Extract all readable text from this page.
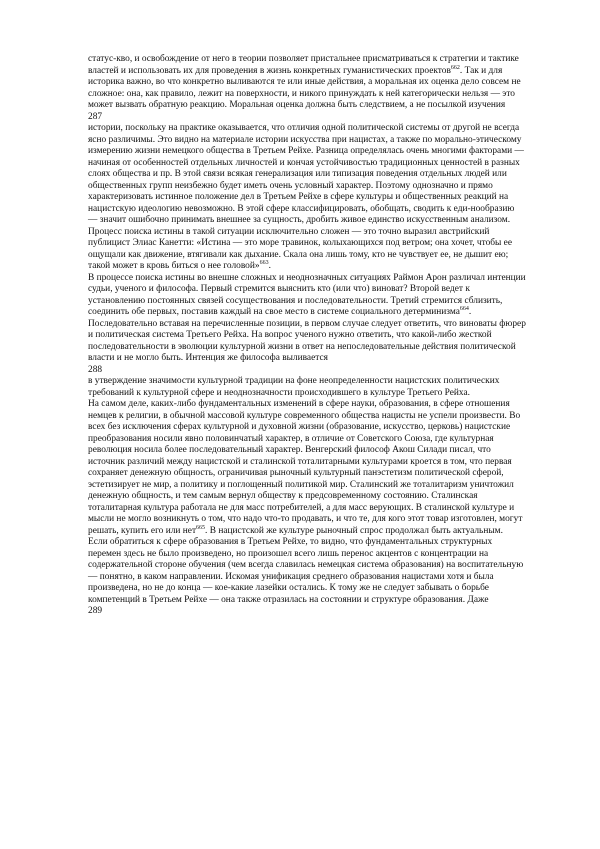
статус-кво, и освобождение от него в теории позволяет пристальнее присматриваться к стратегии и тактике властей и использовать их для проведения в жизнь конкретных гуманистических проектов$^{662}$. Так и для историка важно, во что конкретно выливаются те или иные действия, а моральная их оценка дело совсем не сложное: она, как правило, лежит на поверхности, и никого принуждать к ней категорически нельзя — это может вызвать обратную реакцию. Моральная оценка должна быть следствием, а не посылкой изучения

287

истории, поскольку на практике оказывается, что отличия одной политической системы от другой не всегда ясно различимы. Это видно на материале истории искусства при нацистах, а также по морально-этическому измерению жизни немецкого общества в Третьем Рейхе. Разница определялась очень многими факторами — начиная от особенностей отдельных личностей и кончая устойчивостью традиционных ценностей в разных слоях общества и пр. В этой связи всякая генерализация или типизация поведения отдельных людей или общественных групп неизбежно будет иметь очень условный характер. Поэтому однозначно и прямо характеризовать истинное положение дел в Третьем Рейхе в сфере культуры и общественных реакций на нацистскую идеологию невозможно. В этой сфере классифицировать, обобщать, сводить к еди-нообразию — значит ошибочно принимать внешнее за сущность, дробить живое единство искусственным анализом. Процесс поиска истины в такой ситуации исключительно сложен — это точно выразил австрийский публицист Элиас Канетти: «Истина — это море травинок, колыхающихся под ветром; она хочет, чтобы ее ощущали как движение, втягивали как дыхание. Скала она лишь тому, кто не чувствует ее, не дышит ею; такой может в кровь биться о нее головой»$^{663}$.

В процессе поиска истины во внешне сложных и неоднозначных ситуациях Раймон Арон различал интенции судьи, ученого и философа. Первый стремится выяснить кто (или что) виноват? Второй ведет к установлению постоянных связей сосуществования и последовательности. Третий стремится сблизить, соединить обе первых, поставив каждый на свое место в системе социального детерминизма$^{664}$. Последовательно вставая на перечисленные позиции, в первом случае следует ответить, что виноваты фюрер и политическая система Третьего Рейха. На вопрос ученого нужно ответить, что какой-либо жесткой последовательности в эволюции культурной жизни в ответ на непоследовательные действия политической власти и не могло быть. Интенция же философа выливается

288

в утверждение значимости культурной традиции на фоне неопределенности нацистских политических требований к культурной сфере и неоднозначности происходившего в культуре Третьего Рейха.

На самом деле, каких-либо фундаментальных изменений в сфере науки, образования, в сфере отношения немцев к религии, в обычной массовой культуре современного общества нацисты не успели произвести. Во всех без исключения сферах культурной и духовной жизни (образование, искусство, церковь) нацистские преобразования носили явно половинчатый характер, в отличие от Советского Союза, где культурная революция носила более последовательный характер. Венгерский философ Акош Силади писал, что источник различий между нацистской и сталинской тоталитарными культурами кроется в том, что первая сохраняет денежную общность, ограничивая рыночный культурный панэстетизм политической сферой, эстетизирует не мир, а политику и поглощенный политикой мир. Сталинский же тоталитаризм уничтожил денежную общность, и тем самым вернул обществу к предсовременному состоянию. Сталинская тоталитарная культура работала не для масс потребителей, а для масс верующих. В сталинской культуре и мысли не могло возникнуть о том, что надо что-то продавать, и что те, для кого этот товар изготовлен, могут решать, купить его или нет$^{665}$. В нацистской же культуре рыночный спрос продолжал быть актуальным.

Если обратиться к сфере образования в Третьем Рейхе, то видно, что фундаментальных структурных перемен здесь не было произведено, но произошел всего лишь перенос акцентов с концентрации на содержательной стороне обучения (чем всегда славилась немецкая система образования) на воспитательную — понятно, в каком направлении. Искомая унификация среднего образования нацистами хотя и была произведена, но не до конца — кое-какие лазейки остались. К тому же не следует забывать о борьбе компетенций в Третьем Рейхе — она также отразилась на состоянии и структуре образования. Даже

289
